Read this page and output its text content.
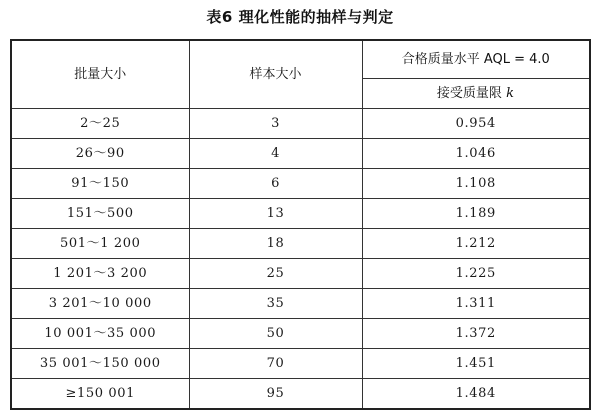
表6 理化性能的抽样与判定
批量大小	样本大小	合格质量水平 AQL = 4.0
		接受质量限 k
2～25	3	0.954
26～90	4	1.046
91～150	6	1.108
151～500	13	1.189
501～1 200	18	1.212
1 201～3 200	25	1.225
3 201～10 000	35	1.311
10 001～35 000	50	1.372
35 001～150 000	70	1.451
≥150 001	95	1.484
